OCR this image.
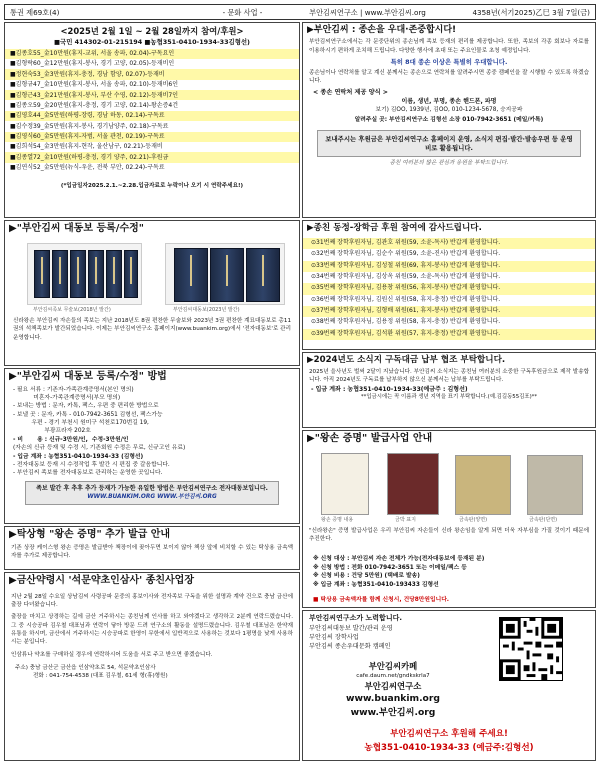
통권 제69호(4)	- 문화 사업 -	부안김씨연구소 | www.부안김씨.org	4358년(서기2025)乙巳 3월 7일(금)
<2025년 2월 1일 ~ 2월 28일까지 참여/후원>
■국민 414302-01-215194 ■농협351-0410-1934-33김형선)
■김종호55_金10만원(휴지-교위, 서울 송파, 02.04)-구독요인
■김형락60_金12만원(휴지-봉사, 경기 고양, 02.05)-등재비인
■정현숙53_金3만원(휴지-충정, 경남 함양, 02.07)-등재비
■김형규47_金10만원(휴지-봉사, 서울 송파, 02.10)-등재비6인
■김형근43_金21만원(휴지-봉사, 부산 수영, 02.12)-등재비7인
■김종오59_金20만원(휴지-충정, 경기 고양, 02.14)-왕손증4건
■김영호44_金5만원(하평-장령, 경남 하동, 02.14)-구독료
■김수정39_金5만원(휴지-봉사, 경기남양주, 02.18)-구독료
■김영식60_金5만원(휴지-자범, 서울 관천, 02.19)-구독료
■김희석54_金3만원(휴지-현작, 울산남구, 02.21)-등재비
■김종열72_金10만원(하평-충정, 경기 양주, 02.21)-후원금
■김연식52_金5만원(뉴식-우운, 전북 부안, 02.24)-구독료
(*입금일자2025.2.1.~2.28.입금자료로 누락이나 오기 시 연락주세요!)
▶부안김씨 : 종손을 우대·존중합시다!
부안김씨연구소에서는 각 문중단위의 종손님께 족보 등재의 편리를 제공합니다. 또한, 족보의 각종 회보나 자료를 이용하시기 편하게 조치해 드립니다. 다양한 행사에 초대 또는 주요인물로 초청 예정입니다.
특히 8대 종손 이상은 특별히 우대합니다.
종손님이나 연락처를 알고 계신 분께서는 종손으로 연락처를 알려주시면 종중 캠페인을 잘 시행할 수 있도록 하겠습니다.
< 종손 연락처 제공 양식 >
이름, 생년, 부명, 종손 핸드폰, 파명
보기) 김OO, 1939년, 김OO, 010-1234-5678, 승지공파
알려주실 곳: 부안김씨연구소 김형선 소장 010-7942-3651 (메일/카톡)
보내주시는 후원금은 부안김씨연구소 홈페이지 운영, 소식지 편집·발간·발송우편 등 운영비로 활용됩니다.
종친 여러분의 많은 관심과 응원을 부탁드립니다.
▶"부안김씨 대동보 등록/수정"
부안김씨족보 무술보(2018년 발간)	부안김씨대동보(2023년 발간)
신라왕손 부안김씨 자손들의 족보는 지난 2018년도 8권 편찬한 무술보와 2023년 3권 편찬한 계묘대동보로 총11권의 석책족보가 발간되었습니다. 이제는 부안김씨연구소 홈페이지(www.buankim.org)에서 '전자대동보'로 관리 운영합니다.
▶"부안김씨 대동보 등록/수정" 방법
- 필요 서류 : 기존자-가족관계증명서(본인 명의)
미혼자-가족관계증명서(부모 명의)
- 보내는 방법 : 문자, 카톡, 팩스, 우편 중 편리한 방법으로
- 보낼 곳 : 문자, 카톡 - 010-7942-3651 김형선, 팩스가능
우편 - 경기 부천시 원미구 석천로170번길 19,
부광프라자 202호
- 비       용 : 신규-3만원/인,  수정-3만원/인
(자손의 신규 등재 및 수정 시, 기존회원 수정은 무료, 신규고인 유료)
- 입금 계좌 : 농협351-0410-1934-33 (김형선)
- 전자대동보 등재 시 수정작업 후 발간 시 편집 중 갈음합니다.
- 부안김씨 족보를 전자대동보로 관리하는 운영한 곳입니다.
족보 발간 후 추후 추가 등재가 가능한 유일한 방법은 부안김씨연구소 전자대동보입니다.
WWW.BUANKIM.ORG WWW.부안김씨.ORG
▶종친 동정-장학금 후원 참여에 감사드립니다.
⊙31번째 장학후원자님, 김관호 위원(59, 소윤-독사) 반갑게 환영합니다.
⊙32번째 장학후원자님, 김순수 위원(59, 소윤-진사) 반갑게 환영합니다.
⊙33번째 장학후원자님, 김성철 위원(69, 휴지-봉사) 반갑게 환영합니다.
⊙34번째 장학후원자님, 김상옥 위원(59, 소윤-독사) 반갑게 환영합니다.
⊙35번째 장학후원자님, 김용창 위원(56, 휴지-봉사) 반갑게 환영합니다.
⊙36번째 장학후원자님, 김원신 위원(58, 휴지-충정) 반갑게 환영합니다.
⊙37번째 장학후원자님, 김형배 위원(61, 휴지-봉사) 반갑게 환영합니다.
⊙38번째 장학후원자님, 김용정 위원(58, 휴지-충정) 반갑게 환영합니다.
⊙39번째 장학후원자님, 김석환 위원(57, 휴지-충정) 반갑게 환영합니다.
▶2024년도 소식지 구독대금 납부 협조 부탁합니다.
2025년 을사년도 벌써 2달이 지났습니다. 부안김씨 소식지는 종친님 여러분의 소중한 구독후원금으로 제작 발송합니다. 아직 2024년도 구독료를 납부하지 않으신 분께서는 납부를 부탁드립니다.
- 입금 계좌 : 농협351-0410-1934-33(예금주 : 김형선)
**입금시에는 꼭 이름과 생년 지역을 표기 부탁합니다.(예.김길동55김포)**
▶"왕손 증명" 발급사업 안내
왕손 증명 내용	금박 표지	금속판(양면)	금속판(단면)
"신라왕손" 증명 발급사업은 우리 부안김씨 자손들이 신라 왕손임을 알게 되면 더욱 자부심을 가질 것이기 때문에 추진한다.
※ 신청 대상 : 부안김씨 자손 전체가 가능(전자대동보에 등재된 분)
※ 신청 방법 : 전화 010-7942-3651 또는 이메일/팩스 등
※ 신청 비용 : 건당 5만원) (택배로 발송)
※ 입금 계좌 : 농협351-0410-193433 김형선
■ 탁상용 금속액자를 함께 신청시, 건당8만원입니다.
▶탁상형 "왕손 증명" 추가 발급 안내
기존 상장 케이스형 왕손 증명은 발급받아 책장이에 꽂아두면 보이지 않아 책상 앞에 비치할 수 있는 탁상용 금속액자를 추가로 제공합니다.
▶금산약령시 '석문약초인삼사' 종친사업장
지난 2월 28일 수요일 상남김씨 사령공파 문중의 홍보이사와 전자족보 구독을 위한 설명과 계약 건으로 충남 금산에 출장 다녀왔습니다.
출장을 마치고 상경하는 길에 금산 거주하시는 종친님께 인사를 하고 와야겠다고 생각하고 2분께 연락드렸습니다. 그 중 시승공파 김우철 대표님과 연락이 닿아 방문 드려 연구소의 활동을 설명드렸습니다. 김우철 대표님은 한약재 유통을 하시며, 금산에서 거주하시는 시승공파로 한영이 무한에서 입반적으로 사용하는 것보다 1평명을 낮게 사용하시는 분입니다.
인삼류나 약초를 구매하실 경우에 연락하시어 도움을 서로 주고 받으면 좋겠습니다.
주소) 충남 금산군 금산읍 인삼약초로 54, 석문약초인삼사
전화 : 041-754-4538 (대표 김우철, 61세 형(휴)형원)
부안김씨연구소가 노력합니다.
부안김씨대동보 발간/관리 운영
부안김씨 장학사업
부안김씨 종손우대문화 캠페인
부안김씨카페
cafe.daum.net/gndkskrla7
부안김씨연구소
www.buankim.org
www.부안김씨.org
부안김씨연구소 후원해 주세요!
농협351-0410-1934-33 (예금주:김형선)
